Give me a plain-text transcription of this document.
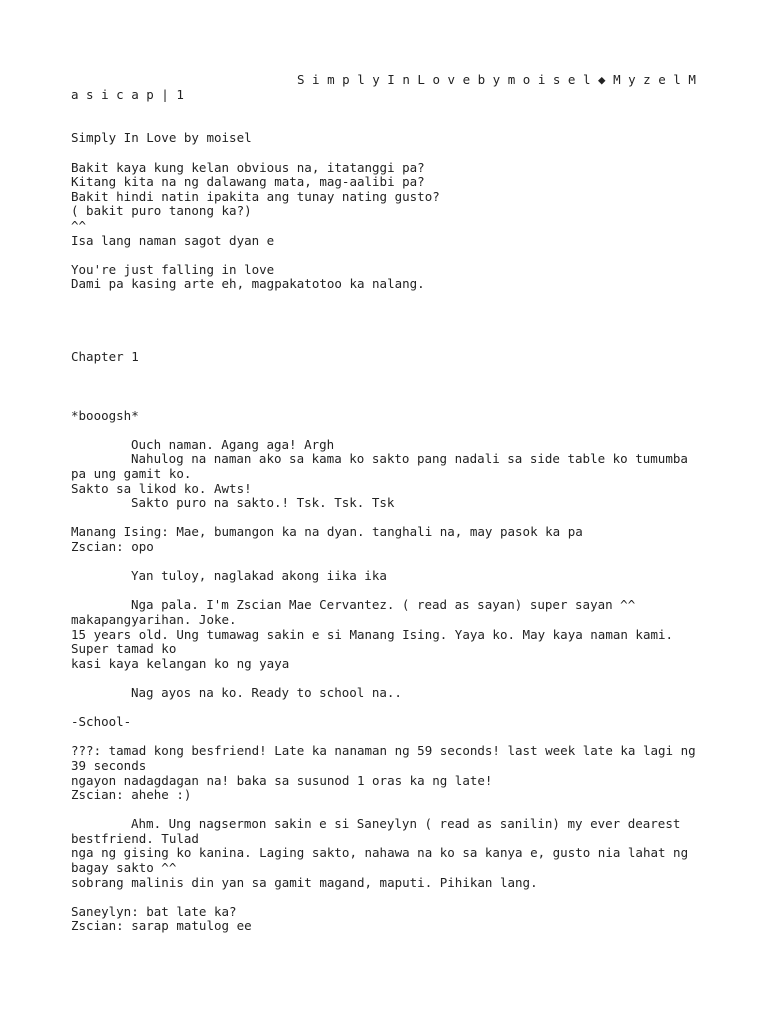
S i m p l y I n L o v e b y m o i s e l ◆ M y z e l M
a s i c a p | 1
Simply In Love by moisel
Bakit kaya kung kelan obvious na, itatanggi pa?
Kitang kita na ng dalawang mata, mag-aalibi pa?
Bakit hindi natin ipakita ang tunay nating gusto?
( bakit puro tanong ka?)
^^
Isa lang naman sagot dyan e
You're just falling in love
Dami pa kasing arte eh, magpakatotoo ka nalang.
Chapter 1
*booogsh*
Ouch naman. Agang aga! Argh
Nahulog na naman ako sa kama ko sakto pang nadali sa side table ko tumumba
pa ung gamit ko.
Sakto sa likod ko. Awts!
Sakto puro na sakto.! Tsk. Tsk. Tsk
Manang Ising: Mae, bumangon ka na dyan. tanghali na, may pasok ka pa
Zscian: opo
Yan tuloy, naglakad akong iika ika
Nga pala. I'm Zscian Mae Cervantez. ( read as sayan) super sayan ^^
makapangyarihan. Joke.
15 years old. Ung tumawag sakin e si Manang Ising. Yaya ko. May kaya naman kami.
Super tamad ko
kasi kaya kelangan ko ng yaya
Nag ayos na ko. Ready to school na..
-School-
???: tamad kong besfriend! Late ka nanaman ng 59 seconds! last week late ka lagi ng
39 seconds
ngayon nadagdagan na! baka sa susunod 1 oras ka ng late!
Zscian: ahehe :)
Ahm. Ung nagsermon sakin e si Saneylyn ( read as sanilin) my ever dearest
bestfriend. Tulad
nga ng gising ko kanina. Laging sakto, nahawa na ko sa kanya e, gusto nia lahat ng
bagay sakto ^^
sobrang malinis din yan sa gamit magand, maputi. Pihikan lang.
Saneylyn: bat late ka?
Zscian: sarap matulog ee
